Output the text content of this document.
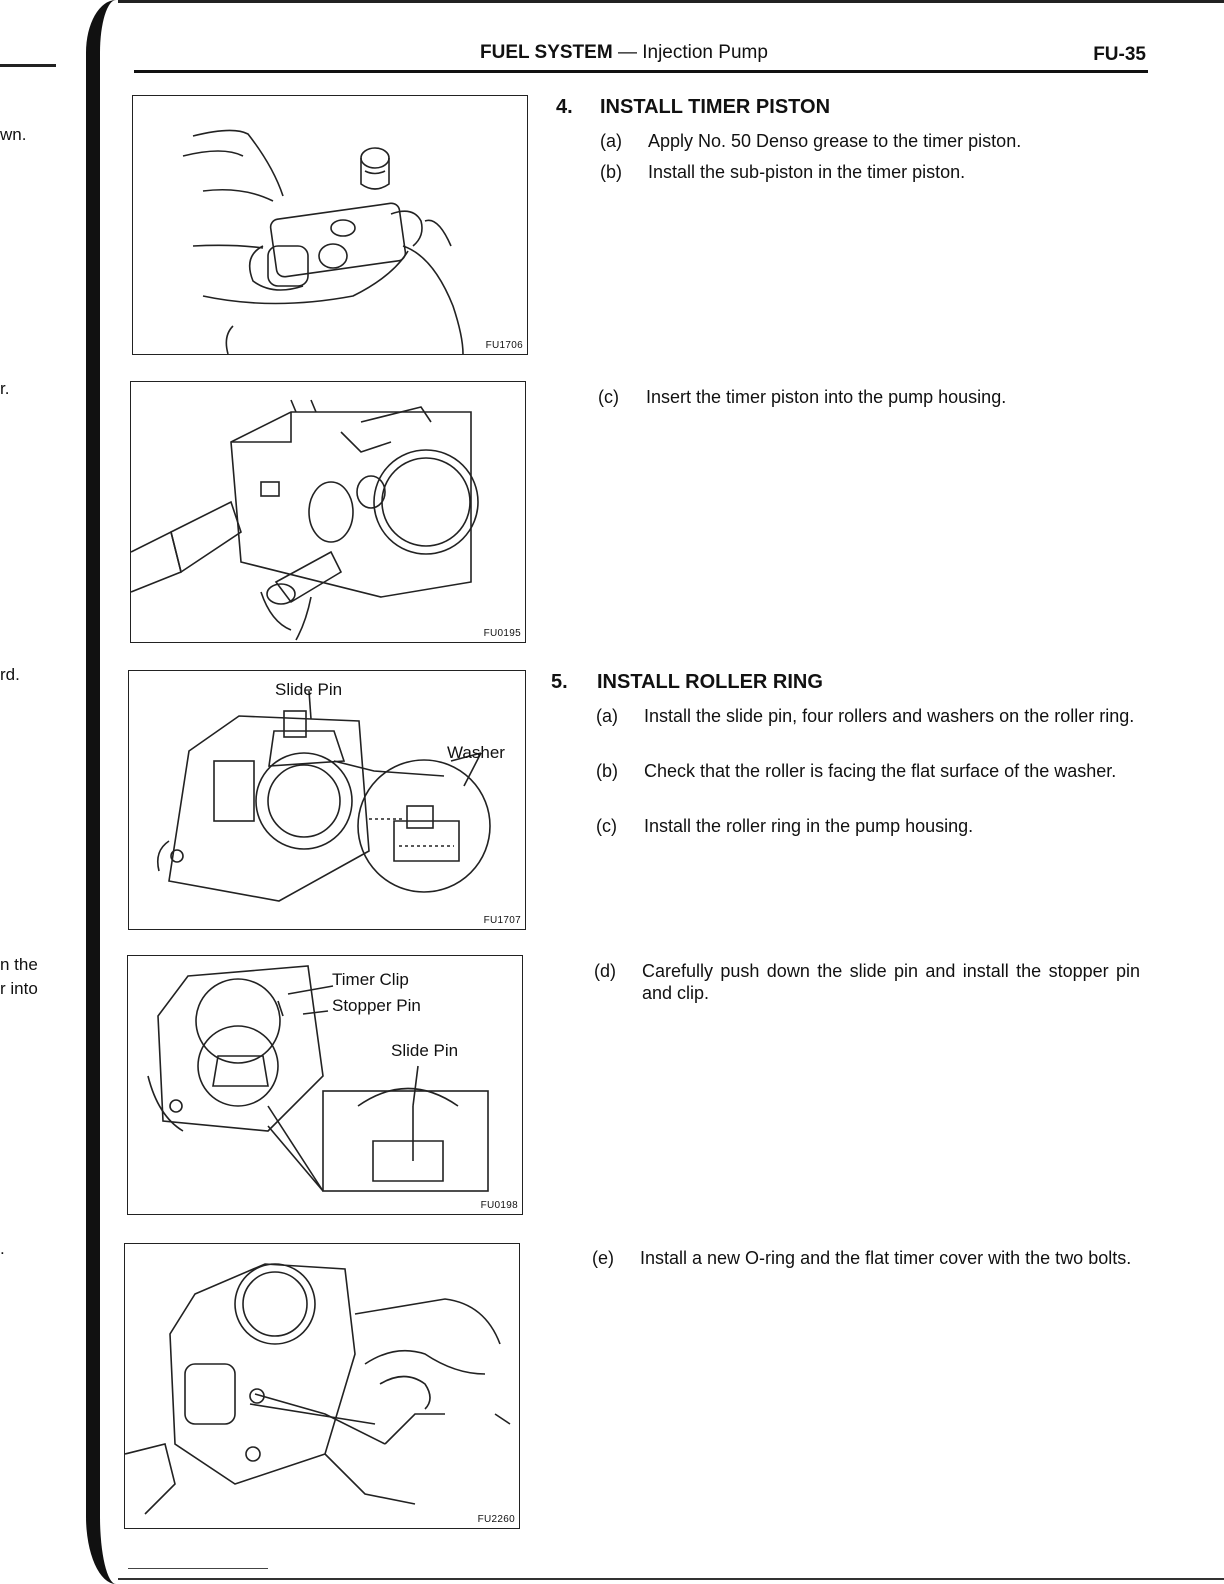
wn.
r.
rd.
n the
r into
.
FUEL SYSTEM — Injection Pump	FU-35
FU1706
FU0195
Slide Pin
Washer
FU1707
Timer Clip
Stopper Pin
Slide Pin
FU0198
FU2260
4. INSTALL TIMER PISTON
(a) Apply No. 50 Denso grease to the timer piston.
(b) Install the sub-piston in the timer piston.
(c) Insert the timer piston into the pump housing.
5. INSTALL ROLLER RING
(a) Install the slide pin, four rollers and washers on the roller ring.
(b) Check that the roller is facing the flat surface of the washer.
(c) Install the roller ring in the pump housing.
(d) Carefully push down the slide pin and install the stopper pin and clip.
(e) Install a new O-ring and the flat timer cover with the two bolts.
